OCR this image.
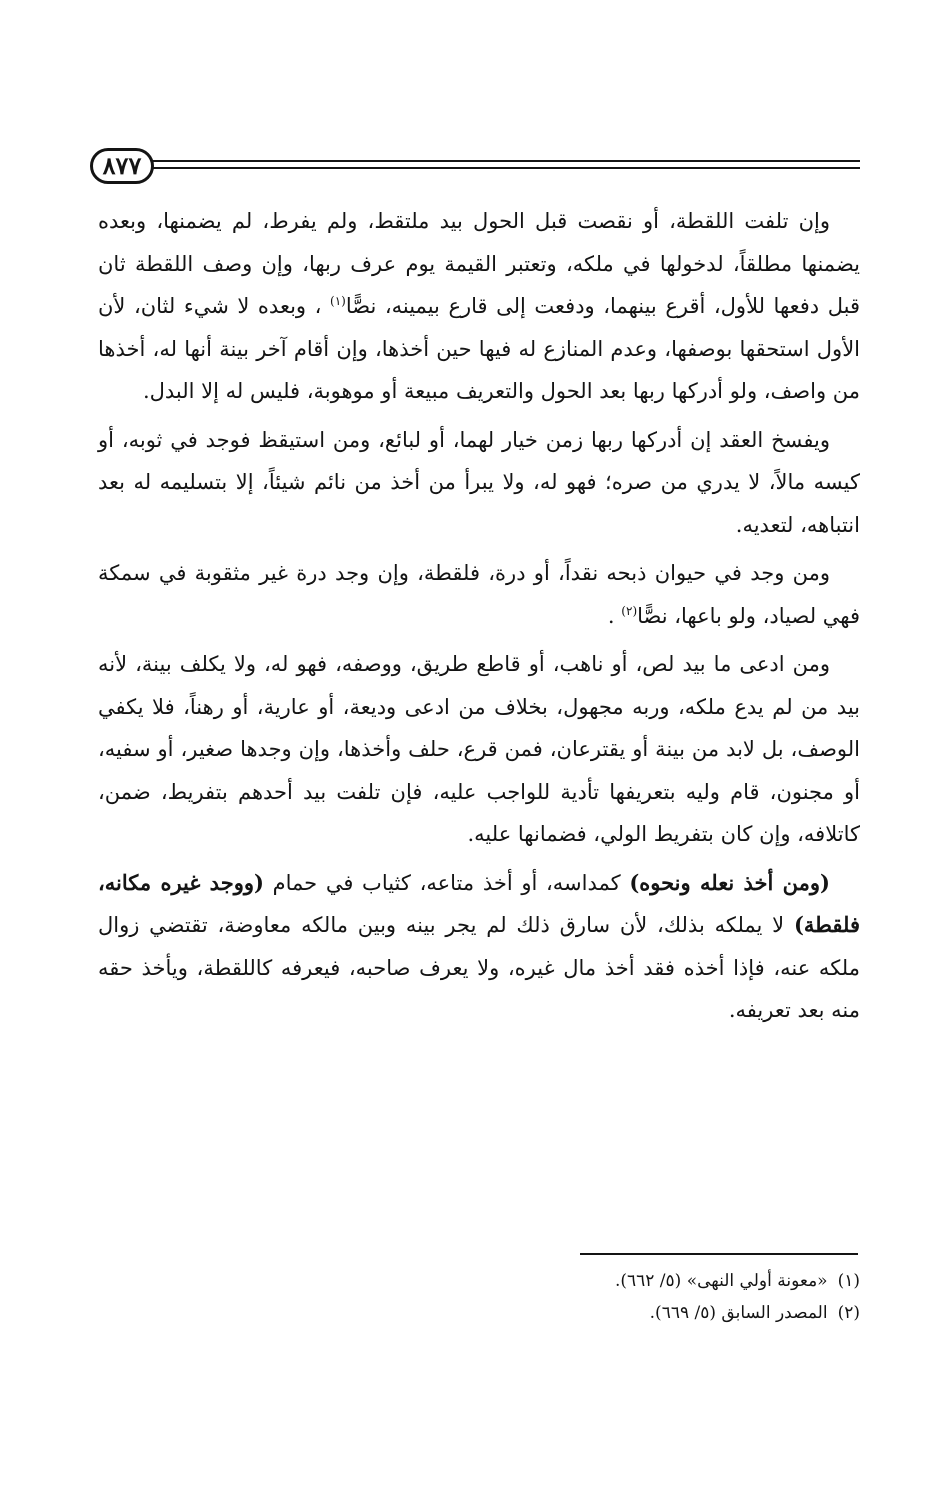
٨٧٧

وإن تلفت اللقطة، أو نقصت قبل الحول بيد ملتقط، ولم يفرط، لم يضمنها، وبعده يضمنها مطلقاً، لدخولها في ملكه، وتعتبر القيمة يوم عرف ربها، وإن وصف اللقطة ثان قبل دفعها للأول، أقرع بينهما، ودفعت إلى قارع بيمينه، نصًّا$^{(١)}$ ، وبعده لا شيء لثان، لأن الأول استحقها بوصفها، وعدم المنازع له فيها حين أخذها، وإن أقام آخر بينة أنها له، أخذها من واصف، ولو أدركها ربها بعد الحول والتعريف مبيعة أو موهوبة، فليس له إلا البدل.

ويفسخ العقد إن أدركها ربها زمن خيار لهما، أو لبائع، ومن استيقظ فوجد في ثوبه، أو كيسه مالاً، لا يدري من صره؛ فهو له، ولا يبرأ من أخذ من نائم شيئاً، إلا بتسليمه له بعد انتباهه، لتعديه.

ومن وجد في حيوان ذبحه نقداً، أو درة، فلقطة، وإن وجد درة غير مثقوبة في سمكة فهي لصياد، ولو باعها، نصًّا$^{(٢)}$ .

ومن ادعى ما بيد لص، أو ناهب، أو قاطع طريق، ووصفه، فهو له، ولا يكلف بينة، لأنه بيد من لم يدع ملكه، وربه مجهول، بخلاف من ادعى وديعة، أو عارية، أو رهناً، فلا يكفي الوصف، بل لابد من بينة أو يقترعان، فمن قرع، حلف وأخذها، وإن وجدها صغير، أو سفيه، أو مجنون، قام وليه بتعريفها تأدية للواجب عليه، فإن تلفت بيد أحدهم بتفريط، ضمن، كاتلافه، وإن كان بتفريط الولي، فضمانها عليه.

(ومن أخذ نعله ونحوه) كمداسه، أو أخذ متاعه، كثياب في حمام (ووجد غيره مكانه، فلقطة) لا يملكه بذلك، لأن سارق ذلك لم يجر بينه وبين مالكه معاوضة، تقتضي زوال ملكه عنه، فإذا أخذه فقد أخذ مال غيره، ولا يعرف صاحبه، فيعرفه كاللقطة، ويأخذ حقه منه بعد تعريفه.

(١)«معونة أولي النهى» (٥/ ٦٦٢).
(٢)المصدر السابق (٥/ ٦٦٩).
